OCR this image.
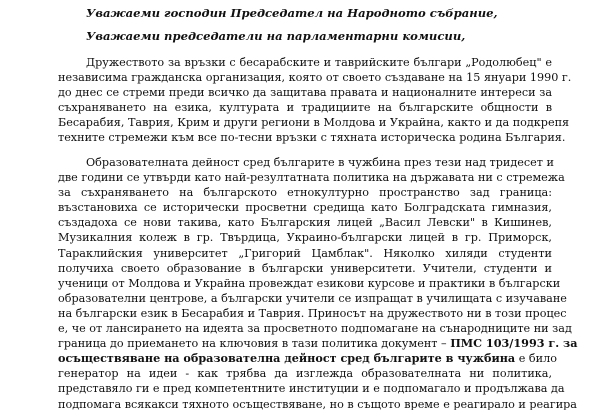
Уважаеми господин Председател на Народното събрание,
Уважаеми председатели на парламентарни комисии,
Дружеството за връзки с бесарабските и таврийските българи „Родолюбец" е
независима гражданска организация, която от своето създаване на 15 януари 1990 г.
до днес се стреми преди всичко да защитава правата и националните интереси за
съхраняването на езика, културата и традициите на българските общности в
Бесарабия, Таврия, Крим и други региони в Молдова и Украйна, както и да подкрепя
техните стремежи към все по-тесни връзки с тяхната историческа родина България.
Образователната дейност сред българите в чужбина през тези над тридесет и
две години се утвърди като най-резултатната политика на държавата ни с стремежа
за съхраняването на българското етнокултурно пространство зад граница:
възстановиха се исторически просветни средища като Болградската гимназия,
създадоха се нови такива, като Българския лицей „Васил Левски" в Кишинев,
Музикалния колеж в гр. Твърдица, Украино-български лицей в гр. Приморск,
Тараклийския университет „Григорий Цамблак". Няколко хиляди студенти
получиха своето образование в български университети. Учители, студенти и
ученици от Молдова и Украйна провеждат езикови курсове и практики в български
образователни центрове, а български учители се изпращат в училищата с изучаване
на български език в Бесарабия и Таврия. Приносът на дружеството ни в този процес
е, че от лансирането на идеята за просветното подпомагане на сънародниците ни зад
граница до приемането на ключовия в тази политика документ – ПМС 103/1993 г. за
осъществяване на образователна дейност сред българите в чужбина е било
генератор на идеи - как трябва да изглежда образователната ни политика,
представяло ги е пред компетентните институции и е подпомагало и продължава да
подпомага всякакси тяхното осъществяване, но в същото време е реагирало и реагира
